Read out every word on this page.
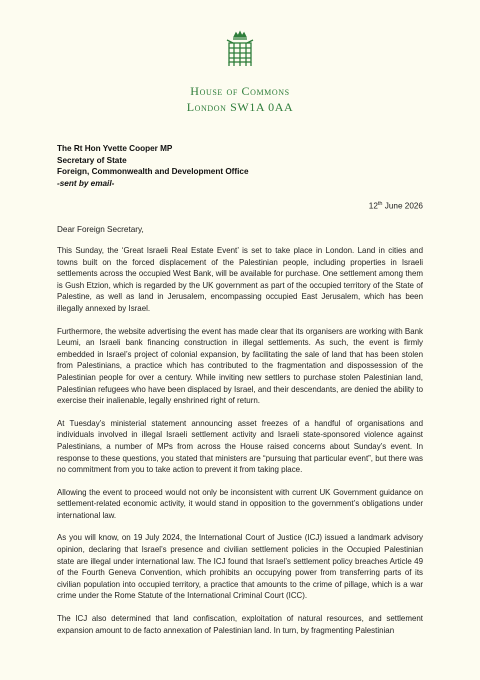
House of Commons
London SW1A 0AA
The Rt Hon Yvette Cooper MP
Secretary of State
Foreign, Commonwealth and Development Office
-sent by email-
12th June 2026
Dear Foreign Secretary,

This Sunday, the ‘Great Israeli Real Estate Event’ is set to take place in London. Land in cities and towns built on the forced displacement of the Palestinian people, including properties in Israeli settlements across the occupied West Bank, will be available for purchase. One settlement among them is Gush Etzion, which is regarded by the UK government as part of the occupied territory of the State of Palestine, as well as land in Jerusalem, encompassing occupied East Jerusalem, which has been illegally annexed by Israel.

Furthermore, the website advertising the event has made clear that its organisers are working with Bank Leumi, an Israeli bank financing construction in illegal settlements. As such, the event is firmly embedded in Israel’s project of colonial expansion, by facilitating the sale of land that has been stolen from Palestinians, a practice which has contributed to the fragmentation and dispossession of the Palestinian people for over a century. While inviting new settlers to purchase stolen Palestinian land, Palestinian refugees who have been displaced by Israel, and their descendants, are denied the ability to exercise their inalienable, legally enshrined right of return.

At Tuesday’s ministerial statement announcing asset freezes of a handful of organisations and individuals involved in illegal Israeli settlement activity and Israeli state-sponsored violence against Palestinians, a number of MPs from across the House raised concerns about Sunday’s event. In response to these questions, you stated that ministers are “pursuing that particular event”, but there was no commitment from you to take action to prevent it from taking place.

Allowing the event to proceed would not only be inconsistent with current UK Government guidance on settlement-related economic activity, it would stand in opposition to the government’s obligations under international law.

As you will know, on 19 July 2024, the International Court of Justice (ICJ) issued a landmark advisory opinion, declaring that Israel’s presence and civilian settlement policies in the Occupied Palestinian state are illegal under international law. The ICJ found that Israel’s settlement policy breaches Article 49 of the Fourth Geneva Convention, which prohibits an occupying power from transferring parts of its civilian population into occupied territory, a practice that amounts to the crime of pillage, which is a war crime under the Rome Statute of the International Criminal Court (ICC).

The ICJ also determined that land confiscation, exploitation of natural resources, and settlement expansion amount to de facto annexation of Palestinian land. In turn, by fragmenting Palestinian
